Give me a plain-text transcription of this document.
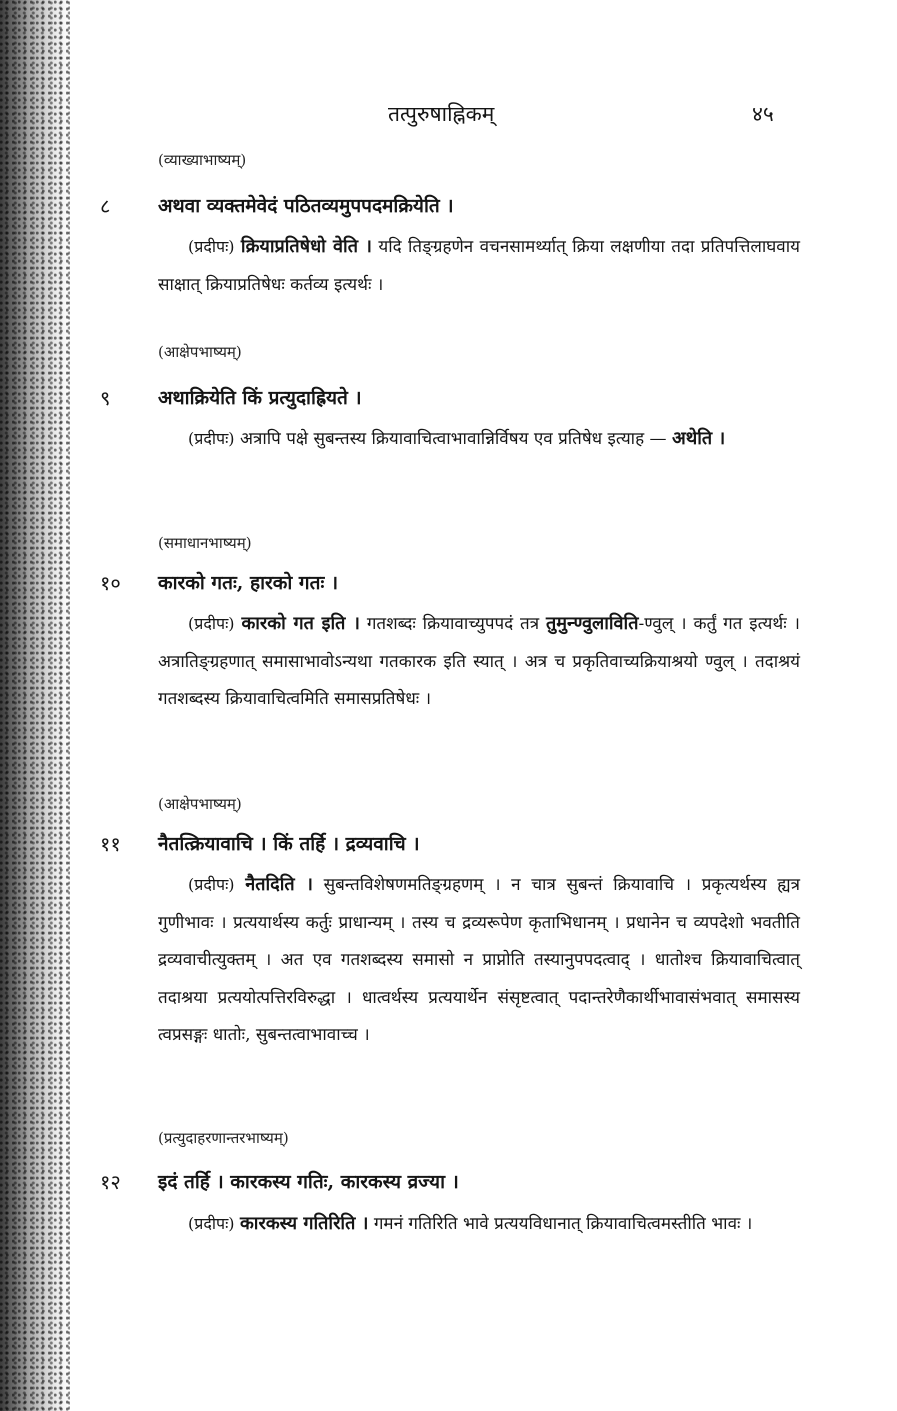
तत्पुरुषाह्निकम्	४५
(व्याख्याभाष्यम्)
८	अथवा व्यक्तमेवेदं पठितव्यमुपपदमक्रियेति ।
(प्रदीपः) क्रियाप्रतिषेधो वेति । यदि तिङ्ग्रहणेन वचनसामर्थ्यात् क्रिया लक्षणीया तदा प्रतिपत्तिलाघवाय साक्षात् क्रियाप्रतिषेधः कर्तव्य इत्यर्थः ।
(आक्षेपभाष्यम्)
९	अथाक्रियेति किं प्रत्युदाह्रियते ।
(प्रदीपः) अत्रापि पक्षे सुबन्तस्य क्रियावाचित्वाभावान्निर्विषय एव प्रतिषेध इत्याह — अथेति ।
(समाधानभाष्यम्)
१० कारको गतः, हारको गतः ।
(प्रदीपः) कारको गत इति । गतशब्दः क्रियावाच्युपपदं तत्र तुमुन्ण्वुलाविति-ण्वुल् । कर्तुं गत इत्यर्थः । अत्रातिङ्ग्रहणात् समासाभावोऽन्यथा गतकारक इति स्यात् । अत्र च प्रकृतिवाच्यक्रियाश्रयो ण्वुल् । तदाश्रयं गतशब्दस्य क्रियावाचित्वमिति समासप्रतिषेधः ।
(आक्षेपभाष्यम्)
११ नैतत्क्रियावाचि । किं तर्हि । द्रव्यवाचि ।
(प्रदीपः) नैतदिति । सुबन्तविशेषणमतिङ्ग्रहणम् । न चात्र सुबन्तं क्रियावाचि । प्रकृत्यर्थस्य ह्यत्र गुणीभावः । प्रत्ययार्थस्य कर्तुः प्राधान्यम् । तस्य च द्रव्यरूपेण कृताभिधानम् । प्रधानेन च व्यपदेशो भवतीति द्रव्यवाचीत्युक्तम् । अत एव गतशब्दस्य समासो न प्राप्नोति तस्यानुपपदत्वाद् । धातोश्च क्रियावाचित्वात् तदाश्रया प्रत्ययोत्पत्तिरविरुद्धा । धात्वर्थस्य प्रत्ययार्थेन संसृष्टत्वात् पदान्तरेणैकार्थीभावासंभवात् समासस्य त्वप्रसङ्गः धातोः, सुबन्तत्वाभावाच्च ।
(प्रत्युदाहरणान्तरभाष्यम्)
१२ इदं तर्हि । कारकस्य गतिः, कारकस्य व्रज्या ।
(प्रदीपः) कारकस्य गतिरिति । गमनं गतिरिति भावे प्रत्ययविधानात् क्रियावाचित्वमस्तीति भावः ।
